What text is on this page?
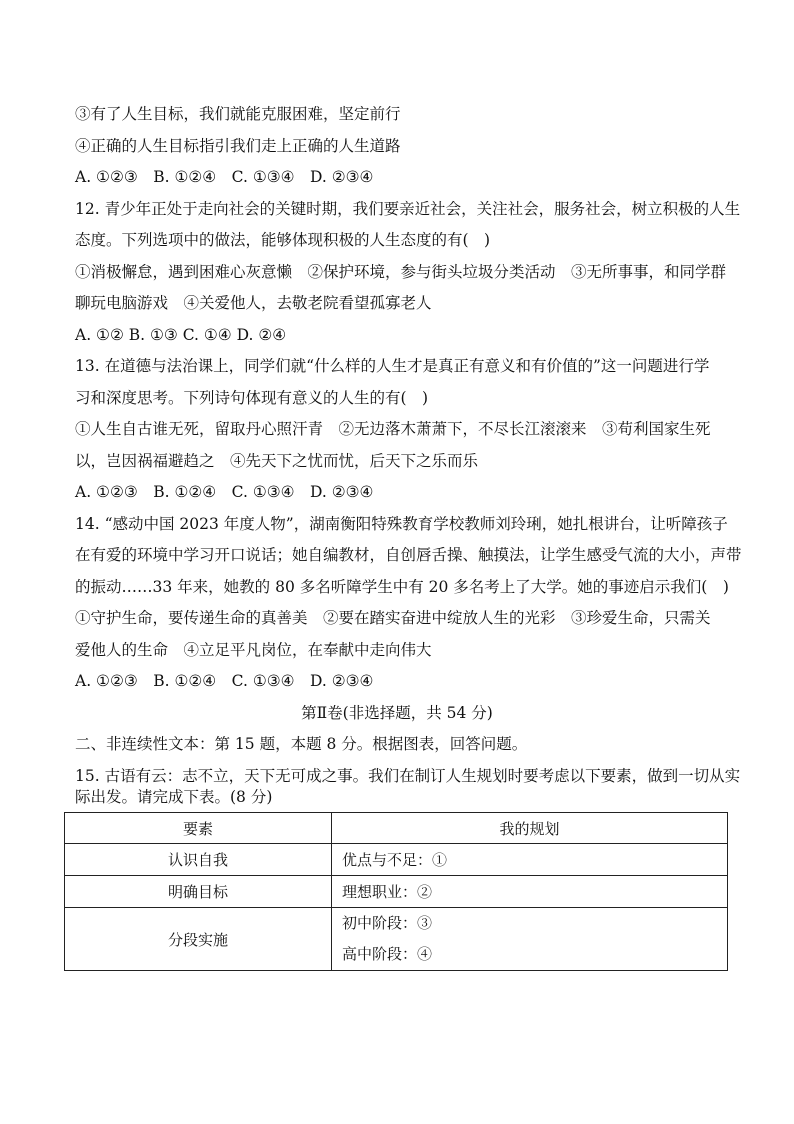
③有了人生目标，我们就能克服困难，坚定前行
④正确的人生目标指引我们走上正确的人生道路
A. ①②③　B. ①②④　C. ①③④　D. ②③④
12. 青少年正处于走向社会的关键时期，我们要亲近社会，关注社会，服务社会，树立积极的人生
态度。下列选项中的做法，能够体现积极的人生态度的有(　)
①消极懈怠，遇到困难心灰意懒　②保护环境，参与街头垃圾分类活动　③无所事事，和同学群
聊玩电脑游戏　④关爱他人，去敬老院看望孤寡老人
A. ①② B. ①③ C. ①④ D. ②④
13. 在道德与法治课上，同学们就“什么样的人生才是真正有意义和有价值的”这一问题进行学
习和深度思考。下列诗句体现有意义的人生的有(　)
①人生自古谁无死，留取丹心照汗青　②无边落木萧萧下，不尽长江滚滚来　③苟利国家生死
以，岂因祸福避趋之　④先天下之忧而忧，后天下之乐而乐
A. ①②③　B. ①②④　C. ①③④　D. ②③④
14. “感动中国 2023 年度人物”，湖南衡阳特殊教育学校教师刘玲琍，她扎根讲台，让听障孩子
在有爱的环境中学习开口说话；她自编教材，自创唇舌操、触摸法，让学生感受气流的大小，声带
的振动……33 年来，她教的 80 多名听障学生中有 20 多名考上了大学。她的事迹启示我们(　)
①守护生命，要传递生命的真善美　②要在踏实奋进中绽放人生的光彩　③珍爱生命，只需关
爱他人的生命　④立足平凡岗位，在奉献中走向伟大
A. ①②③　B. ①②④　C. ①③④　D. ②③④
第Ⅱ卷(非选择题，共 54 分)
二、非连续性文本：第 15 题，本题 8 分。根据图表，回答问题。
15. 古语有云：志不立，天下无可成之事。我们在制订人生规划时要考虑以下要素，做到一切从实
际出发。请完成下表。(8 分)
要素	我的规划
认识自我	优点与不足：①
明确目标	理想职业：②
分段实施	初中阶段：③
高中阶段：④
